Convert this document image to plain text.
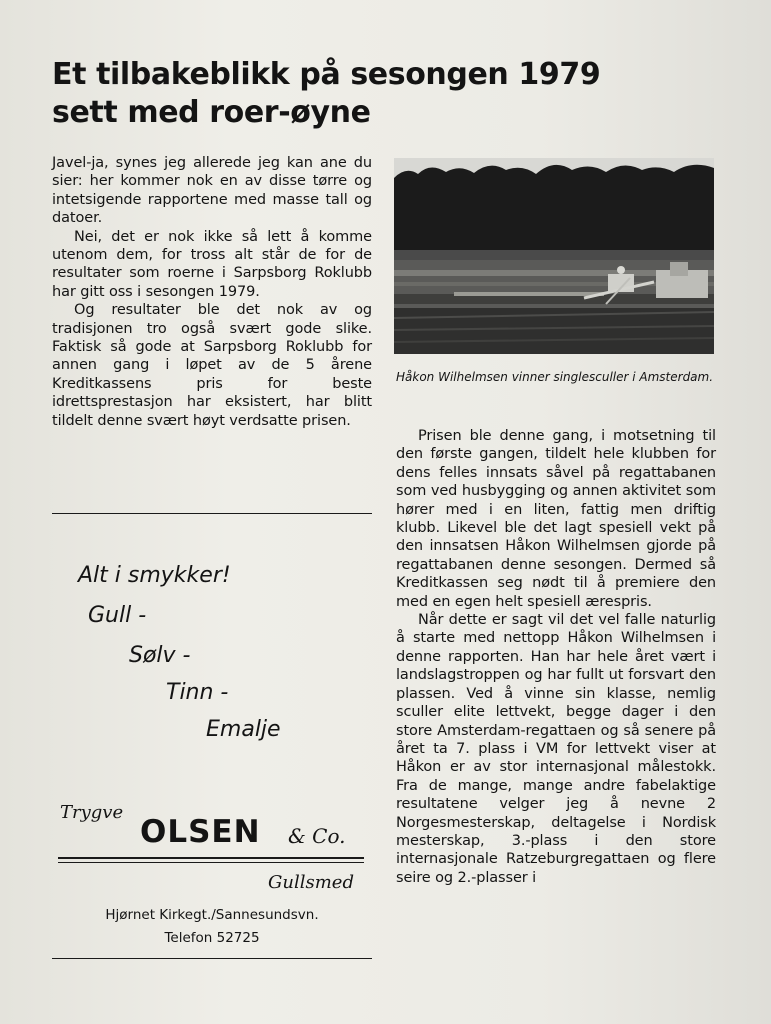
Et tilbakeblikk på sesongen 1979
sett med roer-øyne

Javel-ja, synes jeg allerede jeg kan ane du sier: her kommer nok en av disse tørre og intetsigende rapportene med masse tall og datoer.

Nei, det er nok ikke så lett å komme utenom dem, for tross alt står de for de resultater som roerne i Sarpsborg Roklubb har gitt oss i sesongen 1979.

Og resultater ble det nok av og tradisjonen tro også svært gode slike. Faktisk så gode at Sarpsborg Roklubb for annen gang i løpet av de 5 årene Kreditkassens pris for beste idrettsprestasjon har eksistert, har blitt tildelt denne svært høyt verdsatte prisen.

Håkon Wilhelmsen vinner singlesculler i Amsterdam.

Prisen ble denne gang, i motsetning til den første gangen, tildelt hele klubben for dens felles innsats såvel på regattabanen som ved husbygging og annen aktivitet som hører med i en liten, fattig men driftig klubb. Likevel ble det lagt spesiell vekt på den innsatsen Håkon Wilhelmsen gjorde på regattabanen denne sesongen. Dermed så Kreditkassen seg nødt til å premiere den med en egen helt spesiell ærespris.

Når dette er sagt vil det vel falle naturlig å starte med nettopp Håkon Wilhelmsen i denne rapporten. Han har hele året vært i landslagstroppen og har fullt ut forsvart den plassen. Ved å vinne sin klasse, nemlig sculler elite lettvekt, begge dager i den store Amsterdam-regattaen og så senere på året ta 7. plass i VM for lettvekt viser at Håkon er av stor internasjonal målestokk. Fra de mange, mange andre fabelaktige resultatene velger jeg å nevne 2 Norgesmesterskap, deltagelse i Nordisk mesterskap, 3.-plass i den store internasjonale Ratzeburgregattaen og flere seire og 2.-plasser i

Alt i smykker!
Gull -
Sølv -
Tinn -
Emalje
Trygve
OLSEN & Co.
Gullsmed
Hjørnet Kirkegt./Sannesundsvn.
Telefon 52725
